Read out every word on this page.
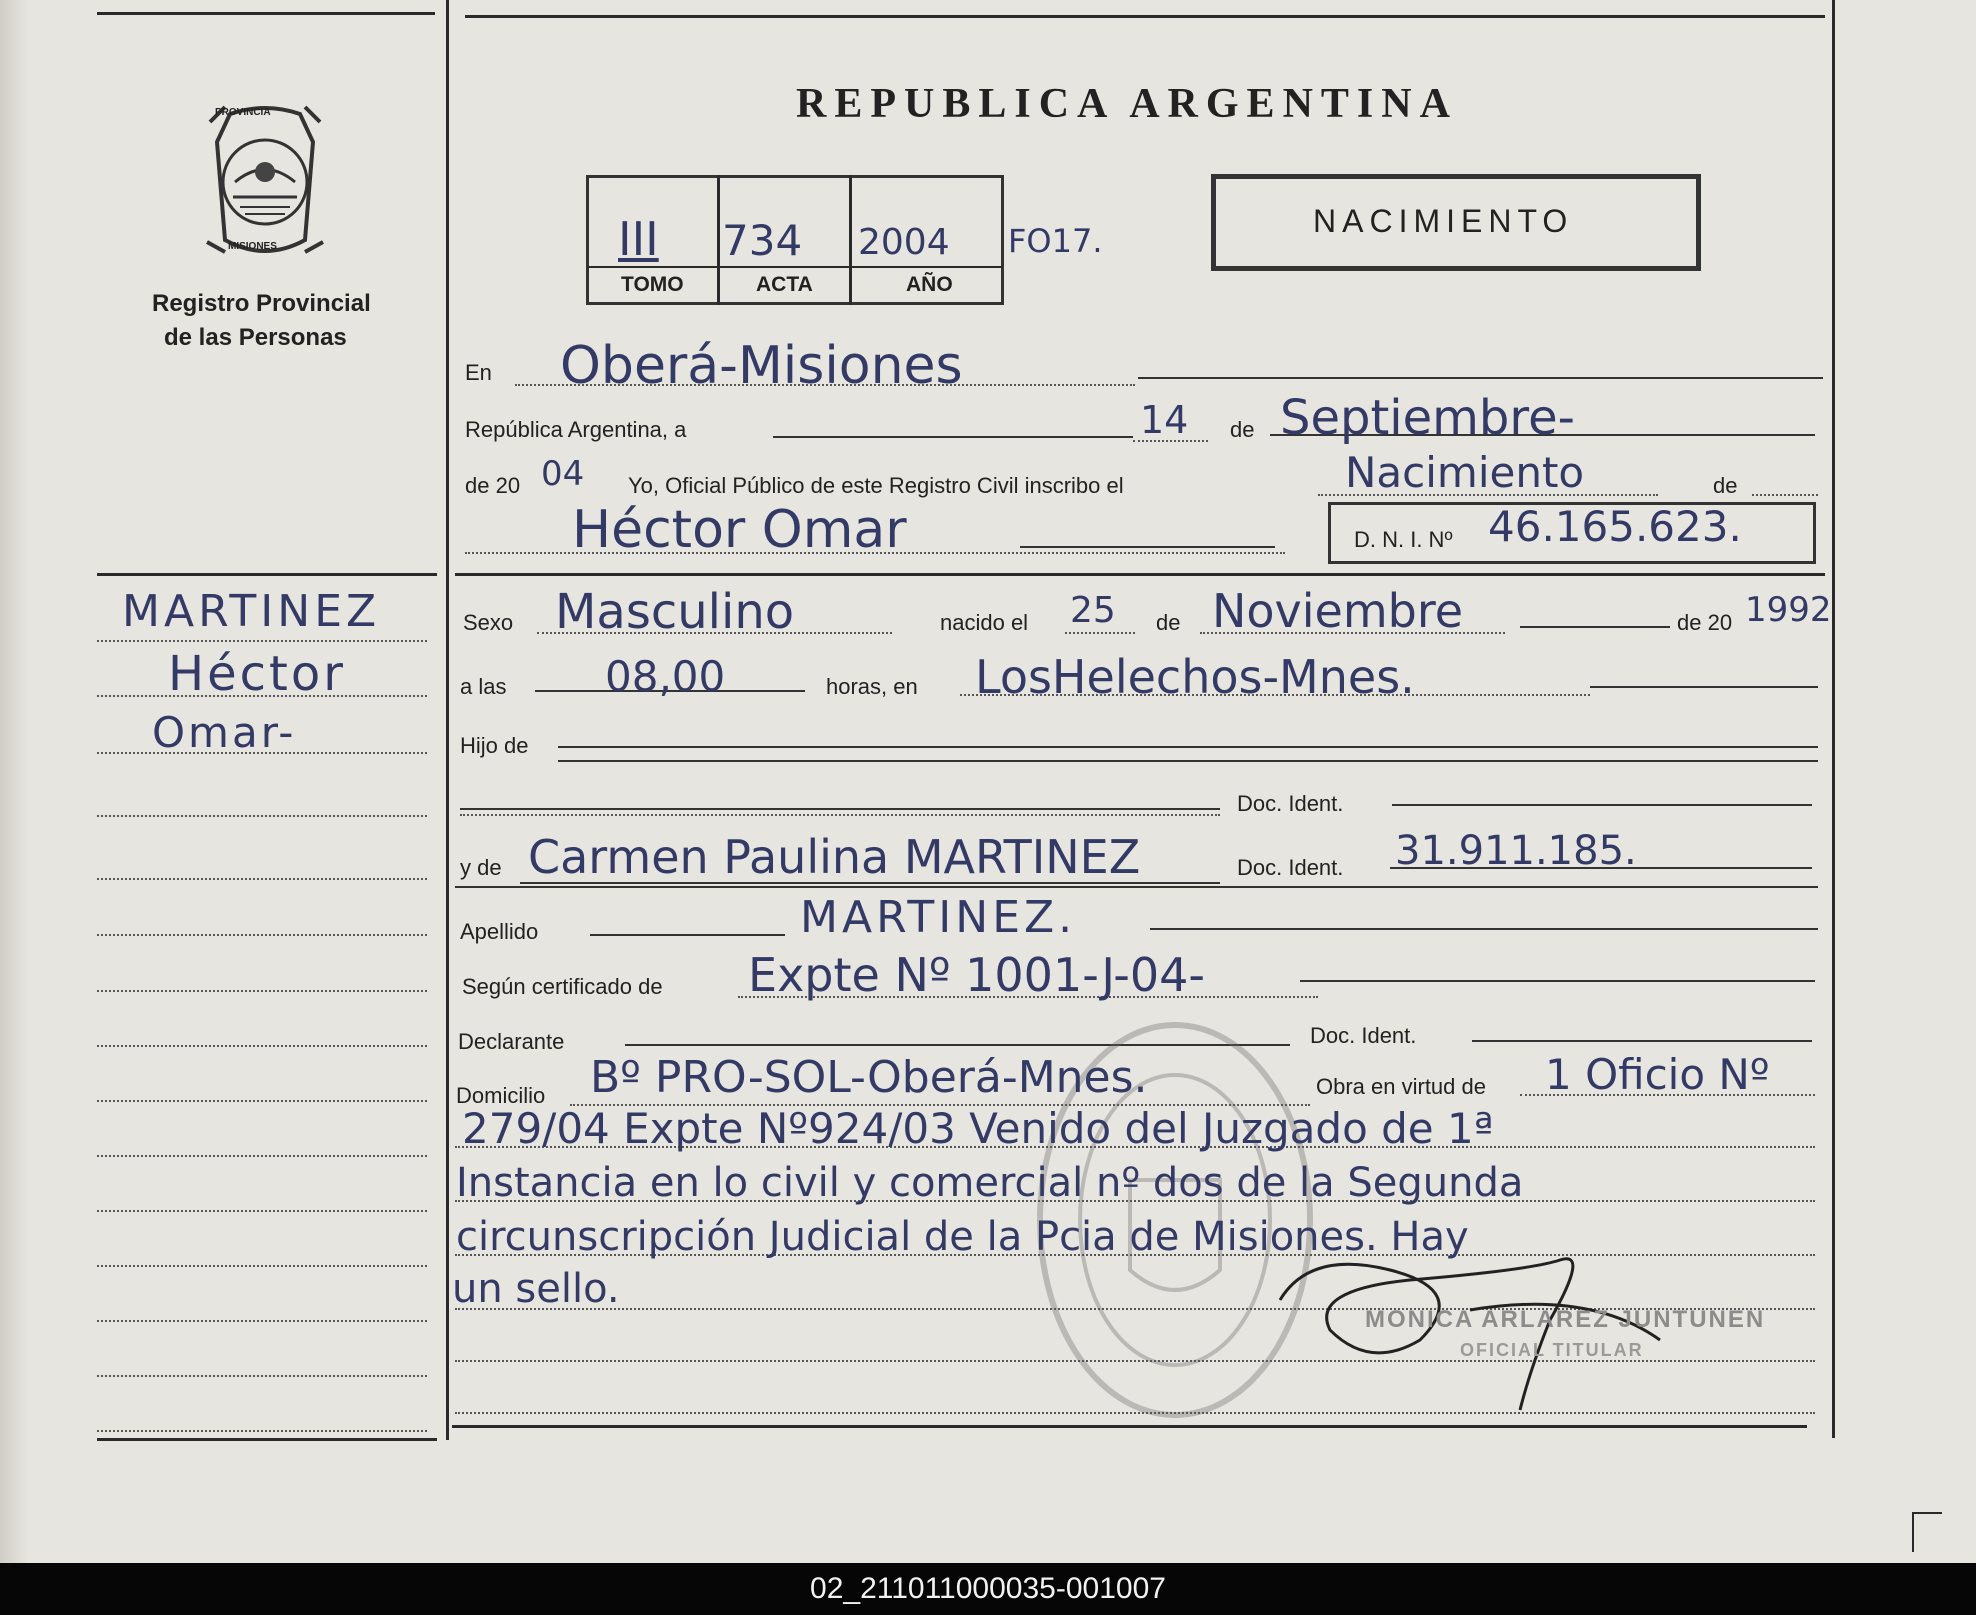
PROVINCIA
MISIONES
Registro Provincial
de las Personas
REPUBLICA ARGENTINA
III 734 2004
TOMO	ACTA	AÑO
FO17.
NACIMIENTO
En Oberá-Misiones
República Argentina, a	14 de Septiembre-
de 20 04 Yo, Oficial Público de este Registro Civil inscribo el	Nacimiento	de
Héctor Omar	D. N. I. Nº 46.165.623.
MARTINEZ
Héctor
Omar-
Sexo Masculino	nacido el 25 de Noviembre	de 20 1992
a las 08,00	horas, en LosHelechos-Mnes.
Hijo de
Doc. Ident.
y de Carmen Paulina MARTINEZ	Doc. Ident. 31.911.185.
Apellido	MARTINEZ.
Según certificado de Expte Nº 1001-J-04-
Declarante	Doc. Ident.
Domicilio Bº PRO-SOL-Oberá-Mnes.	Obra en virtud de 1 Oficio Nº
279/04 Expte Nº924/03 Venido del Juzgado de 1ª
Instancia en lo civil y comercial nº dos de la Segunda
circunscripción Judicial de la Pcia de Misiones. Hay
un sello.
MONICA ARLAREZ JUNTUNEN
OFICIAL TITULAR
02_211011000035-001007
